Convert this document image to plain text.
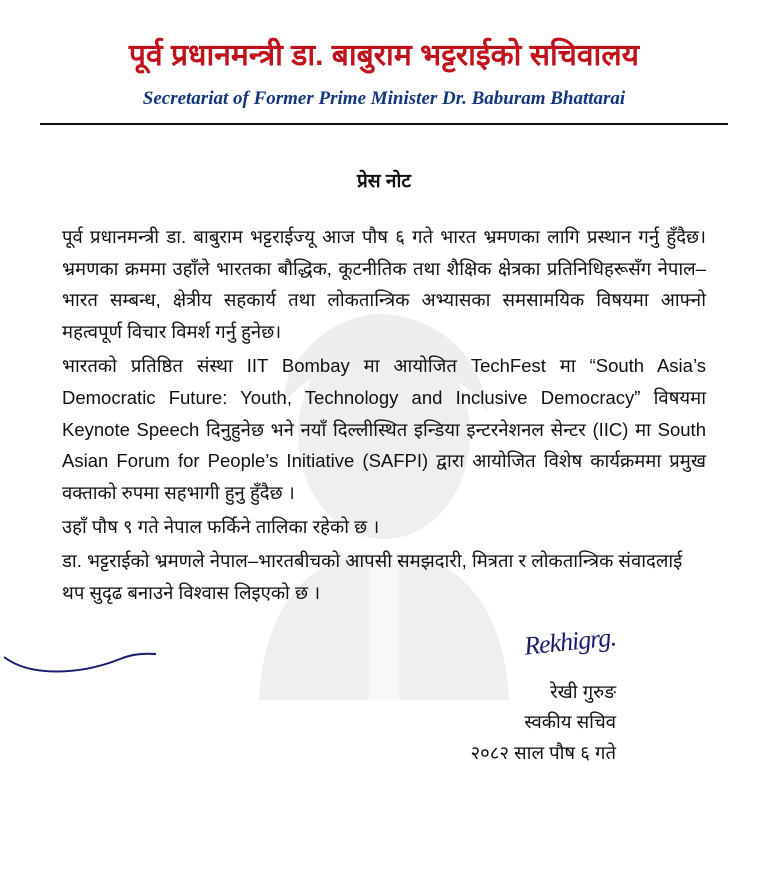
पूर्व प्रधानमन्त्री डा. बाबुराम भट्टराईको सचिवालय
Secretariat of Former Prime Minister Dr. Baburam Bhattarai
प्रेस नोट

पूर्व प्रधानमन्त्री डा. बाबुराम भट्टराईज्यू आज पौष ६ गते भारत भ्रमणका लागि प्रस्थान गर्नु हुँदैछ। भ्रमणका क्रममा उहाँले भारतका बौद्धिक, कूटनीतिक तथा शैक्षिक क्षेत्रका प्रतिनिधिहरूसँग नेपाल–भारत सम्बन्ध, क्षेत्रीय सहकार्य तथा लोकतान्त्रिक अभ्यासका समसामयिक विषयमा आफ्नो महत्वपूर्ण विचार विमर्श गर्नु हुनेछ।

भारतको प्रतिष्ठित संस्था IIT Bombay मा आयोजित TechFest मा “South Asia’s Democratic Future: Youth, Technology and Inclusive Democracy” विषयमा Keynote Speech दिनुहुनेछ भने नयाँ दिल्लीस्थित इन्डिया इन्टरनेशनल सेन्टर (IIC) मा South Asian Forum for People’s Initiative (SAFPI) द्वारा आयोजित विशेष कार्यक्रममा प्रमुख वक्ताको रुपमा सहभागी हुनु हुँदैछ ।

उहाँ पौष ९ गते नेपाल फर्किने तालिका रहेको छ ।

डा. भट्टराईको भ्रमणले नेपाल–भारतबीचको आपसी समझदारी, मित्रता र लोकतान्त्रिक संवादलाई थप सुदृढ बनाउने विश्वास लिइएको छ ।

Rekhigrg.
रेखी गुरुङ
स्वकीय सचिव
२०८२ साल पौष ६ गते
